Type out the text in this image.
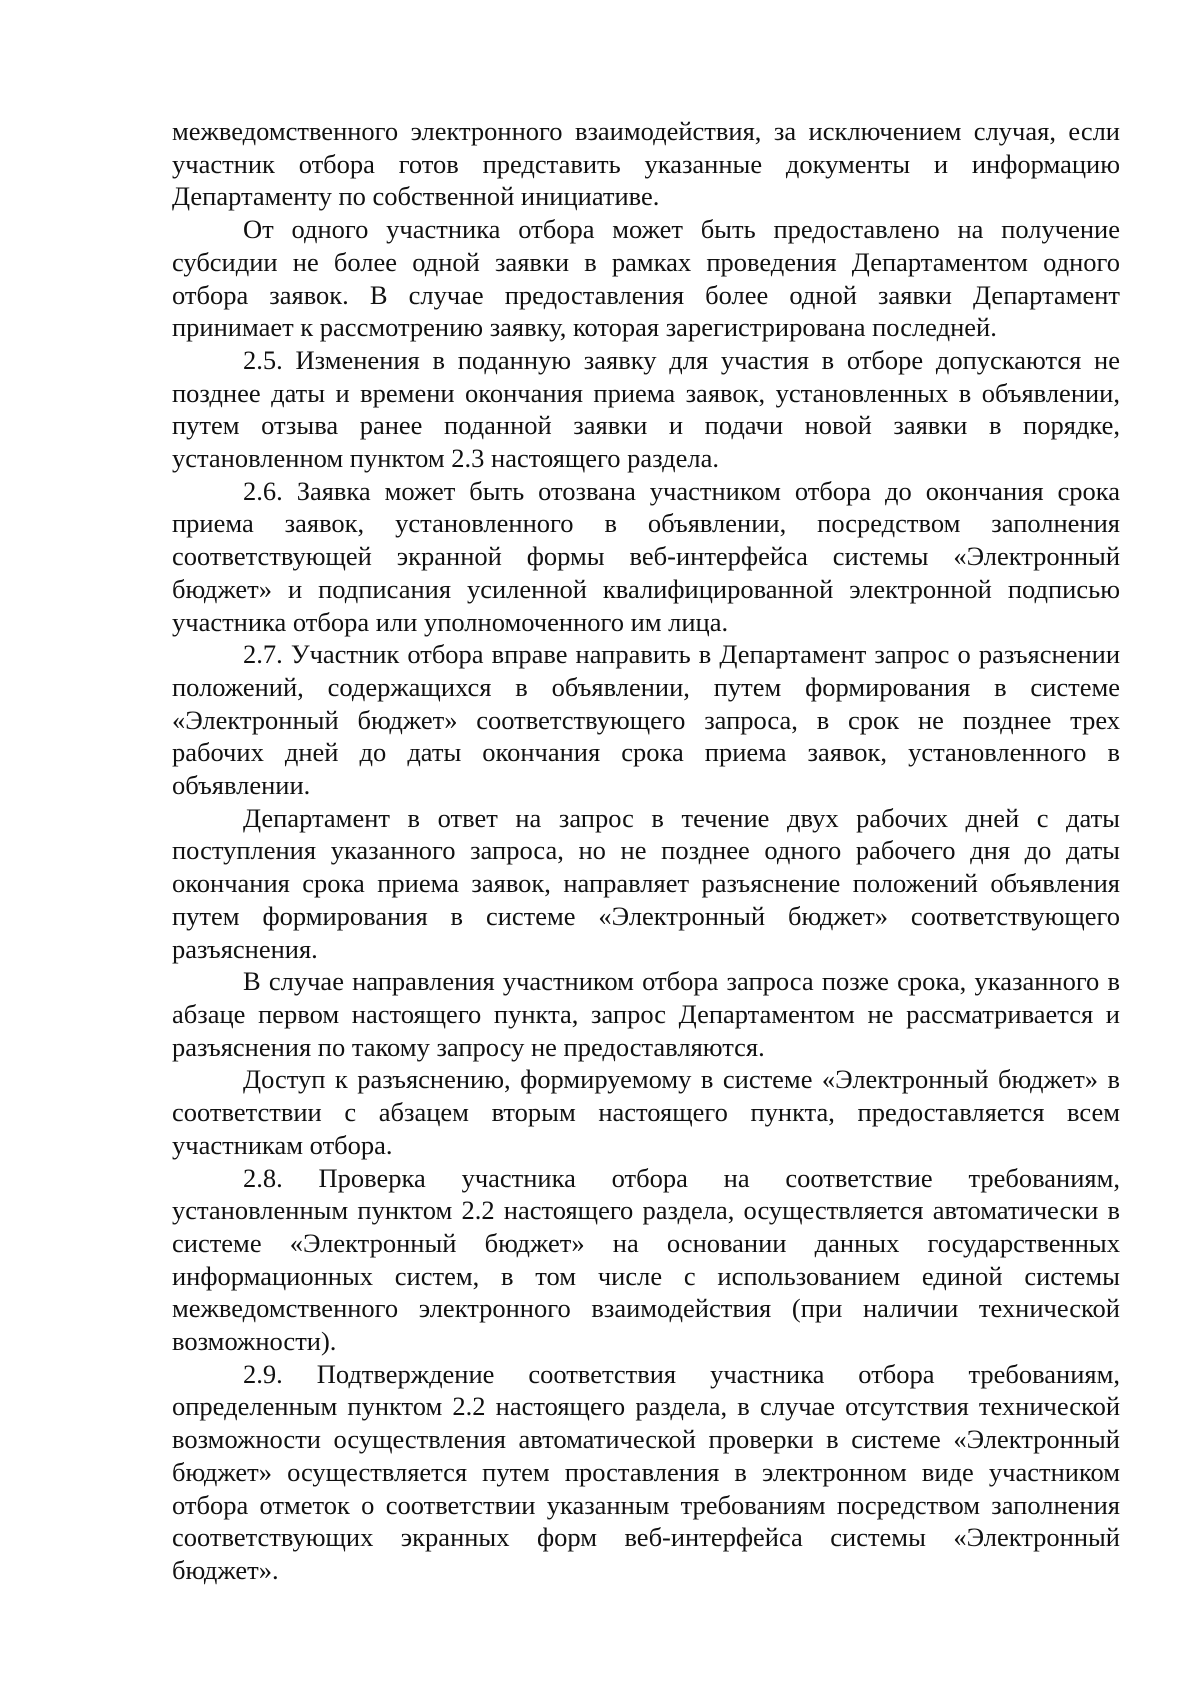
межведомственного электронного взаимодействия, за исключением случая, если участник отбора готов представить указанные документы и информацию Департаменту по собственной инициативе.

От одного участника отбора может быть предоставлено на получение субсидии не более одной заявки в рамках проведения Департаментом одного отбора заявок. В случае предоставления более одной заявки Департамент принимает к рассмотрению заявку, которая зарегистрирована последней.

2.5. Изменения в поданную заявку для участия в отборе допускаются не позднее даты и времени окончания приема заявок, установленных в объявлении, путем отзыва ранее поданной заявки и подачи новой заявки в порядке, установленном пунктом 2.3 настоящего раздела.

2.6. Заявка может быть отозвана участником отбора до окончания срока приема заявок, установленного в объявлении, посредством заполнения соответствующей экранной формы веб-интерфейса системы «Электронный бюджет» и подписания усиленной квалифицированной электронной подписью участника отбора или уполномоченного им лица.

2.7. Участник отбора вправе направить в Департамент запрос о разъяснении положений, содержащихся в объявлении, путем формирования в системе «Электронный бюджет» соответствующего запроса, в срок не позднее трех рабочих дней до даты окончания срока приема заявок, установленного в объявлении.

Департамент в ответ на запрос в течение двух рабочих дней с даты поступления указанного запроса, но не позднее одного рабочего дня до даты окончания срока приема заявок, направляет разъяснение положений объявления путем формирования в системе «Электронный бюджет» соответствующего разъяснения.

В случае направления участником отбора запроса позже срока, указанного в абзаце первом настоящего пункта, запрос Департаментом не рассматривается и разъяснения по такому запросу не предоставляются.

Доступ к разъяснению, формируемому в системе «Электронный бюджет» в соответствии с абзацем вторым настоящего пункта, предоставляется всем участникам отбора.

2.8. Проверка участника отбора на соответствие требованиям, установленным пунктом 2.2 настоящего раздела, осуществляется автоматически в системе «Электронный бюджет» на основании данных государственных информационных систем, в том числе с использованием единой системы межведомственного электронного взаимодействия (при наличии технической возможности).

2.9. Подтверждение соответствия участника отбора требованиям, определенным пунктом 2.2 настоящего раздела, в случае отсутствия технической возможности осуществления автоматической проверки в системе «Электронный бюджет» осуществляется путем проставления в электронном виде участником отбора отметок о соответствии указанным требованиям посредством заполнения соответствующих экранных форм веб-интерфейса системы «Электронный бюджет».
